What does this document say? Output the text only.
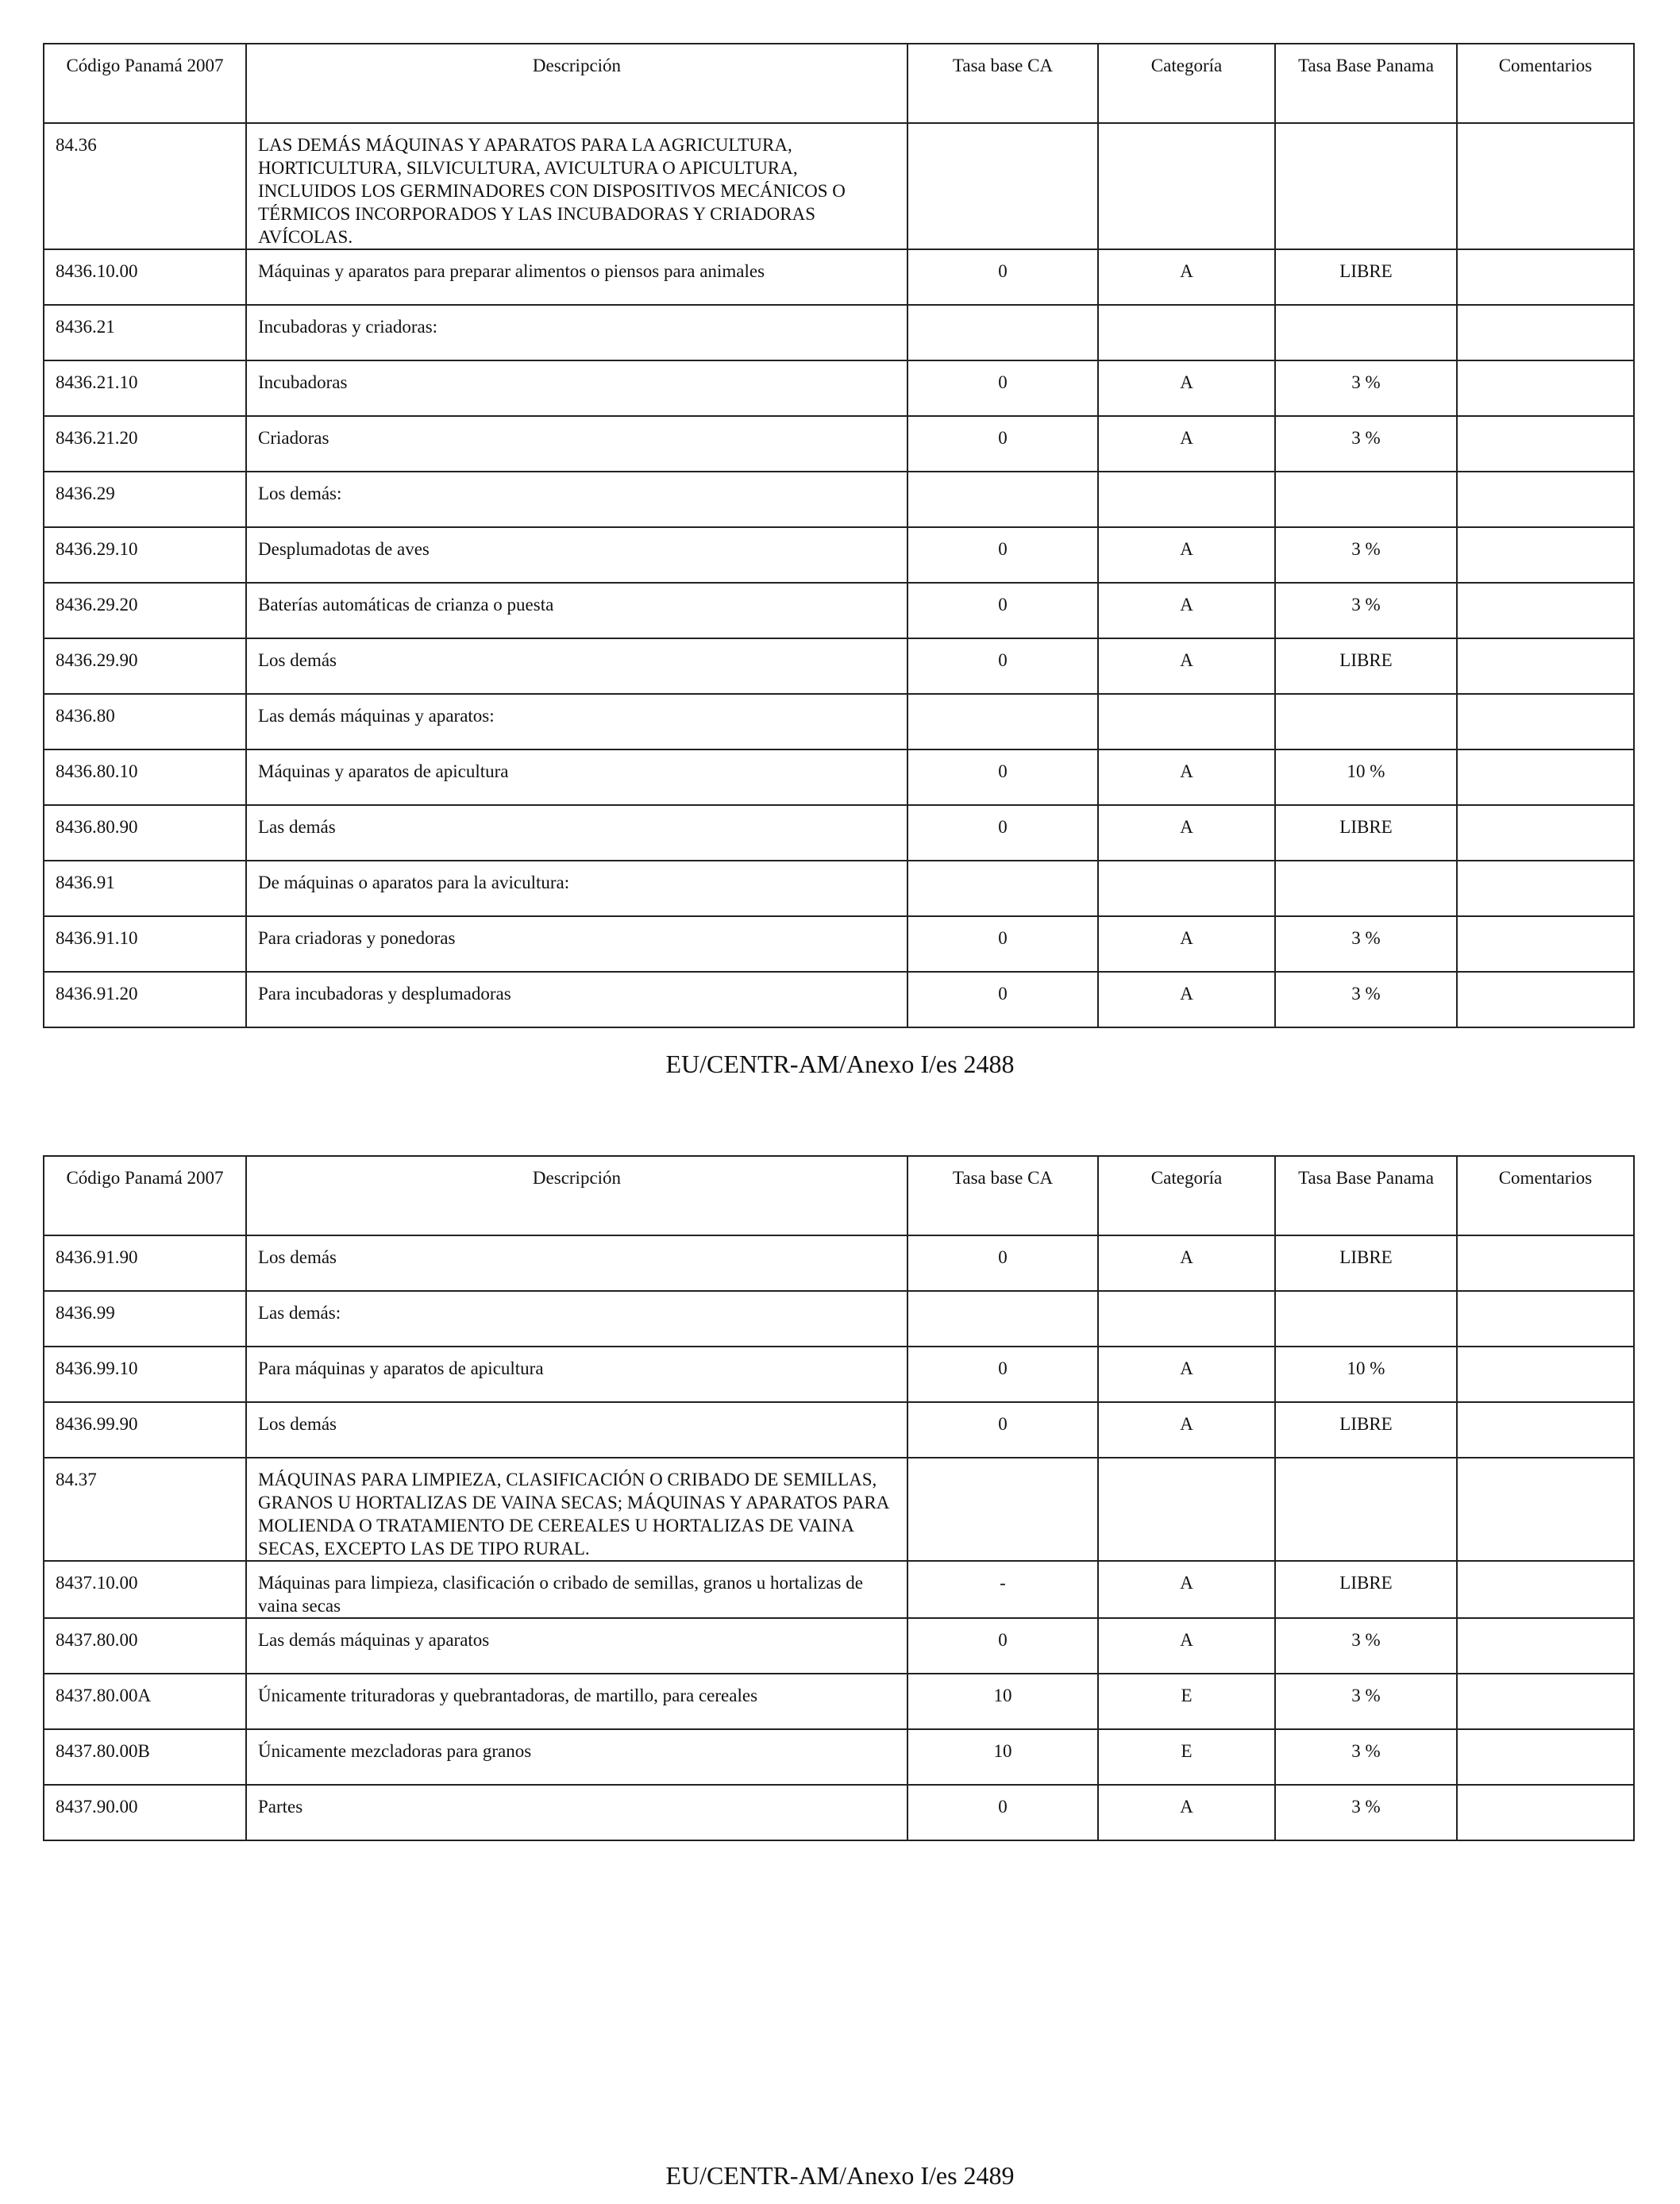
Código Panamá 2007	Descripción	Tasa base CA	Categoría	Tasa Base Panama	Comentarios
84.36	LAS DEMÁS MÁQUINAS Y APARATOS PARA LA AGRICULTURA, HORTICULTURA, SILVICULTURA, AVICULTURA O APICULTURA, INCLUIDOS LOS GERMINADORES CON DISPOSITIVOS MECÁNICOS O TÉRMICOS INCORPORADOS Y LAS INCUBADORAS Y CRIADORAS AVÍCOLAS.				
8436.10.00	Máquinas y aparatos para preparar alimentos o piensos para animales	0	A	LIBRE	
8436.21	Incubadoras y criadoras:				
8436.21.10	Incubadoras	0	A	3 %	
8436.21.20	Criadoras	0	A	3 %	
8436.29	Los demás:				
8436.29.10	Desplumadotas de aves	0	A	3 %	
8436.29.20	Baterías automáticas de crianza o puesta	0	A	3 %	
8436.29.90	Los demás	0	A	LIBRE	
8436.80	Las demás máquinas y aparatos:				
8436.80.10	Máquinas y aparatos de apicultura	0	A	10 %	
8436.80.90	Las demás	0	A	LIBRE	
8436.91	De máquinas o aparatos para la avicultura:				
8436.91.10	Para criadoras y ponedoras	0	A	3 %	
8436.91.20	Para incubadoras y desplumadoras	0	A	3 %	
EU/CENTR-AM/Anexo I/es 2488
Código Panamá 2007	Descripción	Tasa base CA	Categoría	Tasa Base Panama	Comentarios
8436.91.90	Los demás	0	A	LIBRE	
8436.99	Las demás:				
8436.99.10	Para máquinas y aparatos de apicultura	0	A	10 %	
8436.99.90	Los demás	0	A	LIBRE	
84.37	MÁQUINAS PARA LIMPIEZA, CLASIFICACIÓN O CRIBADO DE SEMILLAS, GRANOS U HORTALIZAS DE VAINA SECAS; MÁQUINAS Y APARATOS PARA MOLIENDA O TRATAMIENTO DE CEREALES U HORTALIZAS DE VAINA SECAS, EXCEPTO LAS DE TIPO RURAL.				
8437.10.00	Máquinas para limpieza, clasificación o cribado de semillas, granos u hortalizas de vaina secas	-	A	LIBRE	
8437.80.00	Las demás máquinas y aparatos	0	A	3 %	
8437.80.00A	Únicamente trituradoras y quebrantadoras, de martillo, para cereales	10	E	3 %	
8437.80.00B	Únicamente mezcladoras para granos	10	E	3 %	
8437.90.00	Partes	0	A	3 %	
EU/CENTR-AM/Anexo I/es 2489
